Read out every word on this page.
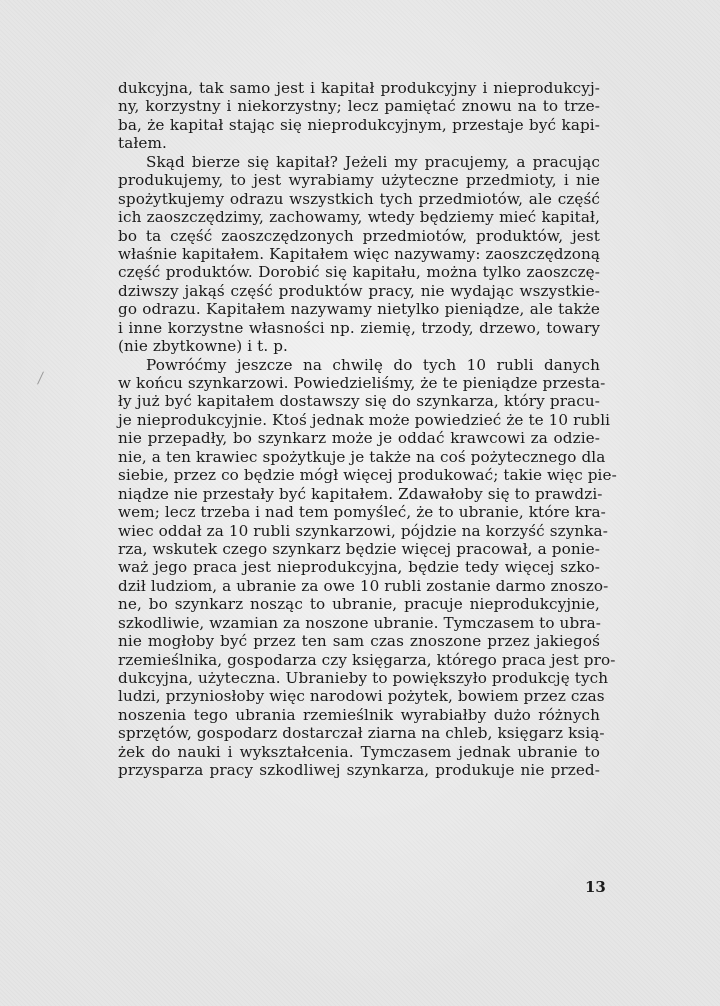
dukcyjna, tak samo jest i kapitał produkcyjny i nieprodukcyj-
ny, korzystny i niekorzystny; lecz pamiętać znowu na to trze-
ba, że kapitał stając się nieprodukcyjnym, przestaje być kapi-
tałem.

Skąd bierze się kapitał? Jeżeli my pracujemy, a pracując
produkujemy, to jest wyrabiamy użyteczne przedmioty, i nie
spożytkujemy odrazu wszystkich tych przedmiotów, ale część
ich zaoszczędzimy, zachowamy, wtedy będziemy mieć kapitał,
bo ta część zaoszczędzonych przedmiotów, produktów, jest
właśnie kapitałem. Kapitałem więc nazywamy: zaoszczędzoną
część produktów. Dorobić się kapitału, można tylko zaoszczę-
dziwszy jakąś część produktów pracy, nie wydając wszystkie-
go odrazu. Kapitałem nazywamy nietylko pieniądze, ale także
i inne korzystne własności np. ziemię, trzody, drzewo, towary
(nie zbytkowne) i t. p.

Powróćmy jeszcze na chwilę do tych 10 rubli danych
w końcu szynkarzowi. Powiedzieliśmy, że te pieniądze przesta-
ły już być kapitałem dostawszy się do szynkarza, który pracu-
je nieprodukcyjnie. Ktoś jednak może powiedzieć że te 10 rubli
nie przepadły, bo szynkarz może je oddać krawcowi za odzie-
nie, a ten krawiec spożytkuje je także na coś pożytecznego dla
siebie, przez co będzie mógł więcej produkować; takie więc pie-
niądze nie przestały być kapitałem. Zdawałoby się to prawdzi-
wem; lecz trzeba i nad tem pomyśleć, że to ubranie, które kra-
wiec oddał za 10 rubli szynkarzowi, pójdzie na korzyść szynka-
rza, wskutek czego szynkarz będzie więcej pracował, a ponie-
waż jego praca jest nieprodukcyjna, będzie tedy więcej szko-
dził ludziom, a ubranie za owe 10 rubli zostanie darmo znoszo-
ne, bo szynkarz nosząc to ubranie, pracuje nieprodukcyjnie,
szkodliwie, wzamian za noszone ubranie. Tymczasem to ubra-
nie mogłoby być przez ten sam czas znoszone przez jakiegoś
rzemieślnika, gospodarza czy księgarza, którego praca jest pro-
dukcyjna, użyteczna. Ubranieby to powiększyło produkcję tych
ludzi, przyniosłoby więc narodowi pożytek, bowiem przez czas
noszenia tego ubrania rzemieślnik wyrabiałby dużo różnych
sprzętów, gospodarz dostarczał ziarna na chleb, księgarz ksią-
żek do nauki i wykształcenia. Tymczasem jednak ubranie to
przysparza pracy szkodliwej szynkarza, produkuje nie przed-

13
